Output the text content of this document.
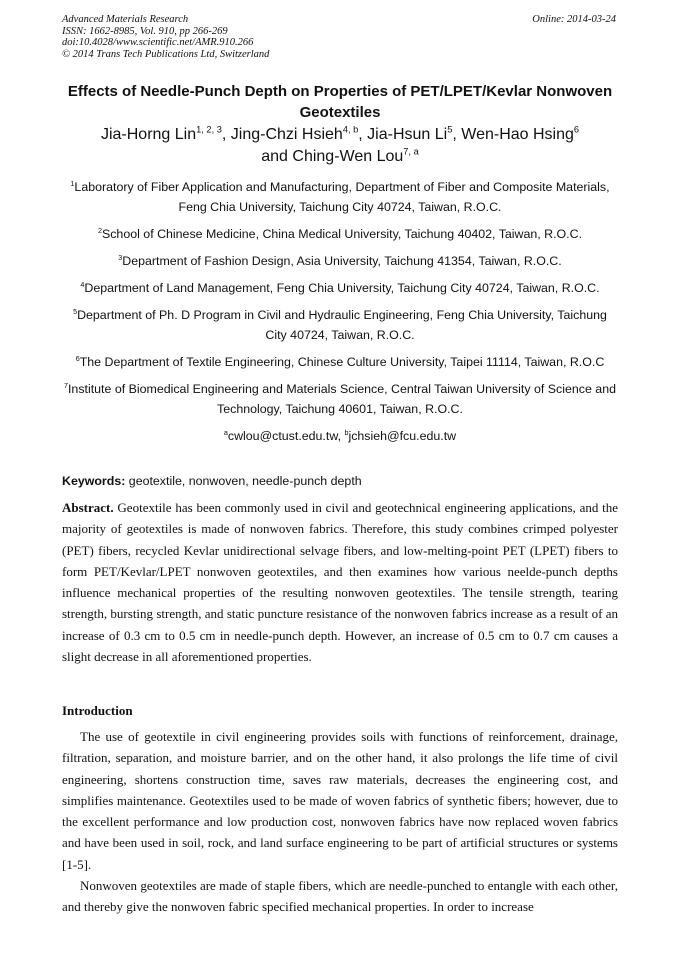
Advanced Materials Research
ISSN: 1662-8985, Vol. 910, pp 266-269
doi:10.4028/www.scientific.net/AMR.910.266
© 2014 Trans Tech Publications Ltd, Switzerland
Online: 2014-03-24
Effects of Needle-Punch Depth on Properties of PET/LPET/Kevlar Nonwoven Geotextiles
Jia-Horng Lin$^{1, 2, 3}$, Jing-Chzi Hsieh$^{4, b}$, Jia-Hsun Li$^5$, Wen-Hao Hsing$^6$
and Ching-Wen Lou$^{7, a}$
$^1$Laboratory of Fiber Application and Manufacturing, Department of Fiber and Composite Materials, Feng Chia University, Taichung City 40724, Taiwan, R.O.C.
$^2$School of Chinese Medicine, China Medical University, Taichung 40402, Taiwan, R.O.C.
$^3$Department of Fashion Design, Asia University, Taichung 41354, Taiwan, R.O.C.
$^4$Department of Land Management, Feng Chia University, Taichung City 40724, Taiwan, R.O.C.
$^5$Department of Ph. D Program in Civil and Hydraulic Engineering, Feng Chia University, Taichung City 40724, Taiwan, R.O.C.
$^6$The Department of Textile Engineering, Chinese Culture University, Taipei 11114, Taiwan, R.O.C
$^7$Institute of Biomedical Engineering and Materials Science, Central Taiwan University of Science and Technology, Taichung 40601, Taiwan, R.O.C.
$^a$cwlou@ctust.edu.tw, $^b$jchsieh@fcu.edu.tw
Keywords: geotextile, nonwoven, needle-punch depth
Abstract. Geotextile has been commonly used in civil and geotechnical engineering applications, and the majority of geotextiles is made of nonwoven fabrics. Therefore, this study combines crimped polyester (PET) fibers, recycled Kevlar unidirectional selvage fibers, and low-melting-point PET (LPET) fibers to form PET/Kevlar/LPET nonwoven geotextiles, and then examines how various neelde-punch depths influence mechanical properties of the resulting nonwoven geotextiles. The tensile strength, tearing strength, bursting strength, and static puncture resistance of the nonwoven fabrics increase as a result of an increase of 0.3 cm to 0.5 cm in needle-punch depth. However, an increase of 0.5 cm to 0.7 cm causes a slight decrease in all aforementioned properties.
Introduction

The use of geotextile in civil engineering provides soils with functions of reinforcement, drainage, filtration, separation, and moisture barrier, and on the other hand, it also prolongs the life time of civil engineering, shortens construction time, saves raw materials, decreases the engineering cost, and simplifies maintenance. Geotextiles used to be made of woven fabrics of synthetic fibers; however, due to the excellent performance and low production cost, nonwoven fabrics have now replaced woven fabrics and have been used in soil, rock, and land surface engineering to be part of artificial structures or systems [1-5].

Nonwoven geotextiles are made of staple fibers, which are needle-punched to entangle with each other, and thereby give the nonwoven fabric specified mechanical properties. In order to increase
